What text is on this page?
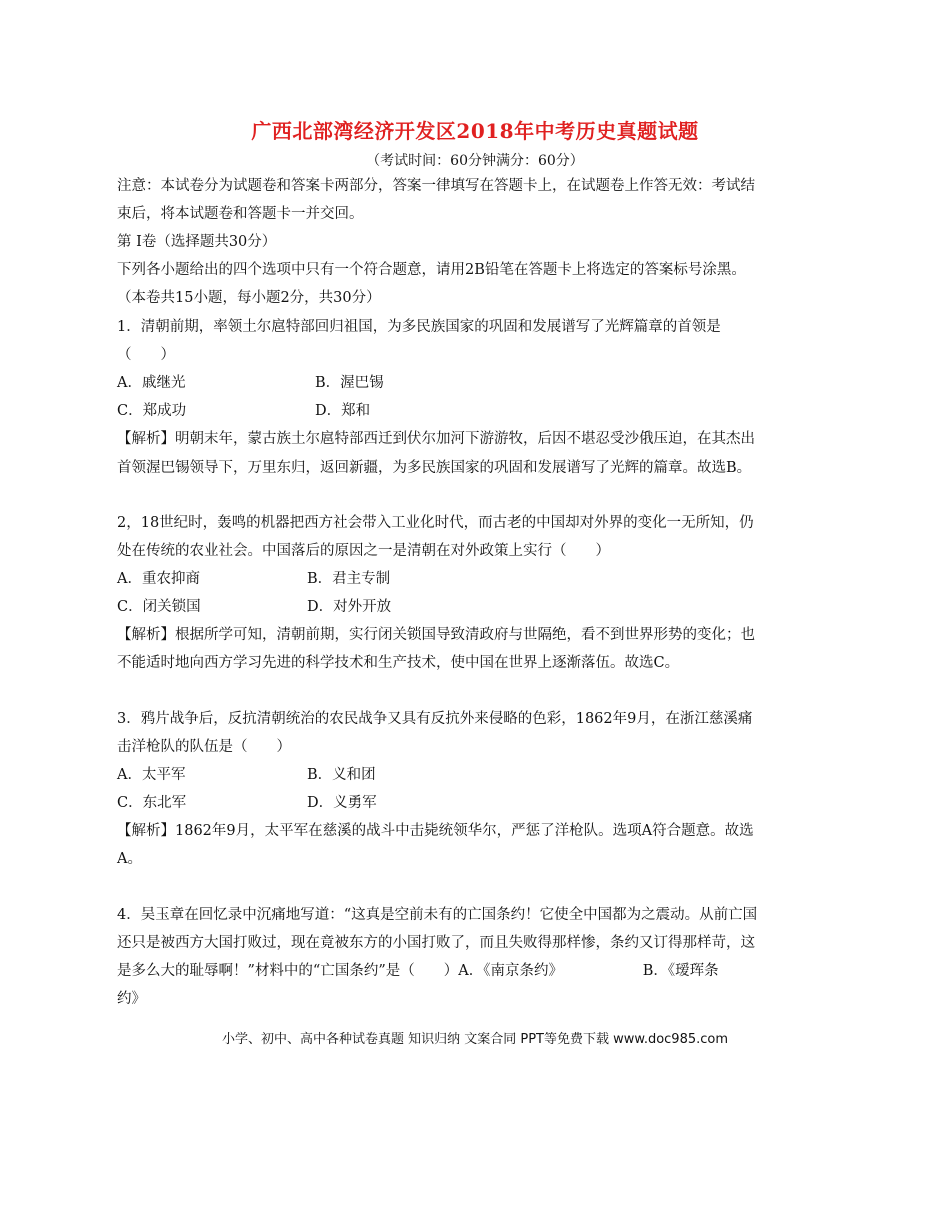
广西北部湾经济开发区2018年中考历史真题试题
（考试时间：60分钟满分：60分）
注意：本试卷分为试题卷和答案卡两部分，答案一律填写在答题卡上，在试题卷上作答无效：考试结
束后，将本试题卷和答题卡一并交回。
第 Ⅰ卷（选择题共30分）
下列各小题给出的四个选项中只有一个符合题意，请用2B铅笔在答题卡上将选定的答案标号涂黑。
（本卷共15小题，每小题2分，共30分）
1．清朝前期，率领土尔扈特部回归祖国，为多民族国家的巩固和发展谱写了光辉篇章的首领是
（　　）
A．戚继光	B．渥巴锡
C．郑成功	D．郑和
【解析】明朝末年，蒙古族土尔扈特部西迁到伏尔加河下游游牧，后因不堪忍受沙俄压迫，在其杰出
首领渥巴锡领导下，万里东归，返回新疆，为多民族国家的巩固和发展谱写了光辉的篇章。故选B。
2，18世纪时，轰鸣的机器把西方社会带入工业化时代，而古老的中国却对外界的变化一无所知，仍
处在传统的农业社会。中国落后的原因之一是清朝在对外政策上实行（　　）
A．重农抑商	B．君主专制
C．闭关锁国	D．对外开放
【解析】根据所学可知，清朝前期，实行闭关锁国导致清政府与世隔绝，看不到世界形势的变化；也
不能适时地向西方学习先进的科学技术和生产技术，使中国在世界上逐渐落伍。故选C。
3．鸦片战争后，反抗清朝统治的农民战争又具有反抗外来侵略的色彩，1862年9月，在浙江慈溪痛
击洋枪队的队伍是（　　）
A．太平军	B．义和团
C．东北军	D．义勇军
【解析】1862年9月，太平军在慈溪的战斗中击毙统领华尔，严惩了洋枪队。选项A符合题意。故选
A。
4．吴玉章在回忆录中沉痛地写道：“这真是空前未有的亡国条约！它使全中国都为之震动。从前亡国
还只是被西方大国打败过，现在竟被东方的小国打败了，而且失败得那样惨，条约又订得那样苛，这
是多么大的耻辱啊！”材料中的“亡国条约”是（　　）A．《南京条约》　　　　　　B．《瑷珲条
约》
小学、初中、高中各种试卷真题 知识归纳 文案合同 PPT等免费下载 www.doc985.com
